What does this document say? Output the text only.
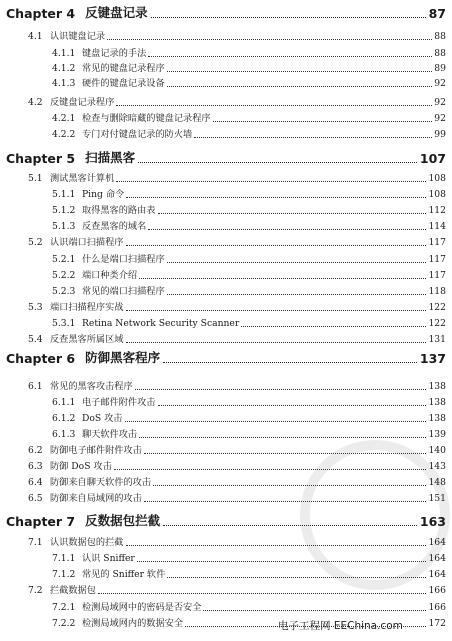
Chapter 4 反键盘记录	87
4.1 认识键盘记录	88
4.1.1 键盘记录的手法	88
4.1.2 常见的键盘记录程序	89
4.1.3 硬件的键盘记录设备	92
4.2 反键盘记录程序	92
4.2.1 检查与删除暗藏的键盘记录程序	92
4.2.2 专门对付键盘记录的防火墙	99
Chapter 5 扫描黑客	107
5.1 测试黑客计算机	108
5.1.1 Ping 命令	108
5.1.2 取得黑客的路由表	112
5.1.3 反查黑客的域名	114
5.2 认识端口扫描程序	117
5.2.1 什么是端口扫描程序	117
5.2.2 端口种类介绍	117
5.2.3 常见的端口扫描程序	118
5.3 端口扫描程序实战	122
5.3.1 Retina Network Security Scanner	122
5.4 反查黑客所属区域	131
Chapter 6 防御黑客程序	137
6.1 常见的黑客攻击程序	138
6.1.1 电子邮件附件攻击	138
6.1.2 DoS 攻击	138
6.1.3 聊天软件攻击	139
6.2 防御电子邮件附件攻击	140
6.3 防御 DoS 攻击	143
6.4 防御来自聊天软件的攻击	148
6.5 防御来自局域网的攻击	151
Chapter 7 反数据包拦截	163
7.1 认识数据包的拦截	164
7.1.1 认识 Sniffer	164
7.1.2 常见的 Sniffer 软件	164
7.2 拦截数据包	166
7.2.1 检测局域网中的密码是否安全	166
7.2.2 检测局域网内的数据安全	172
电子工程网 EEChina.com
